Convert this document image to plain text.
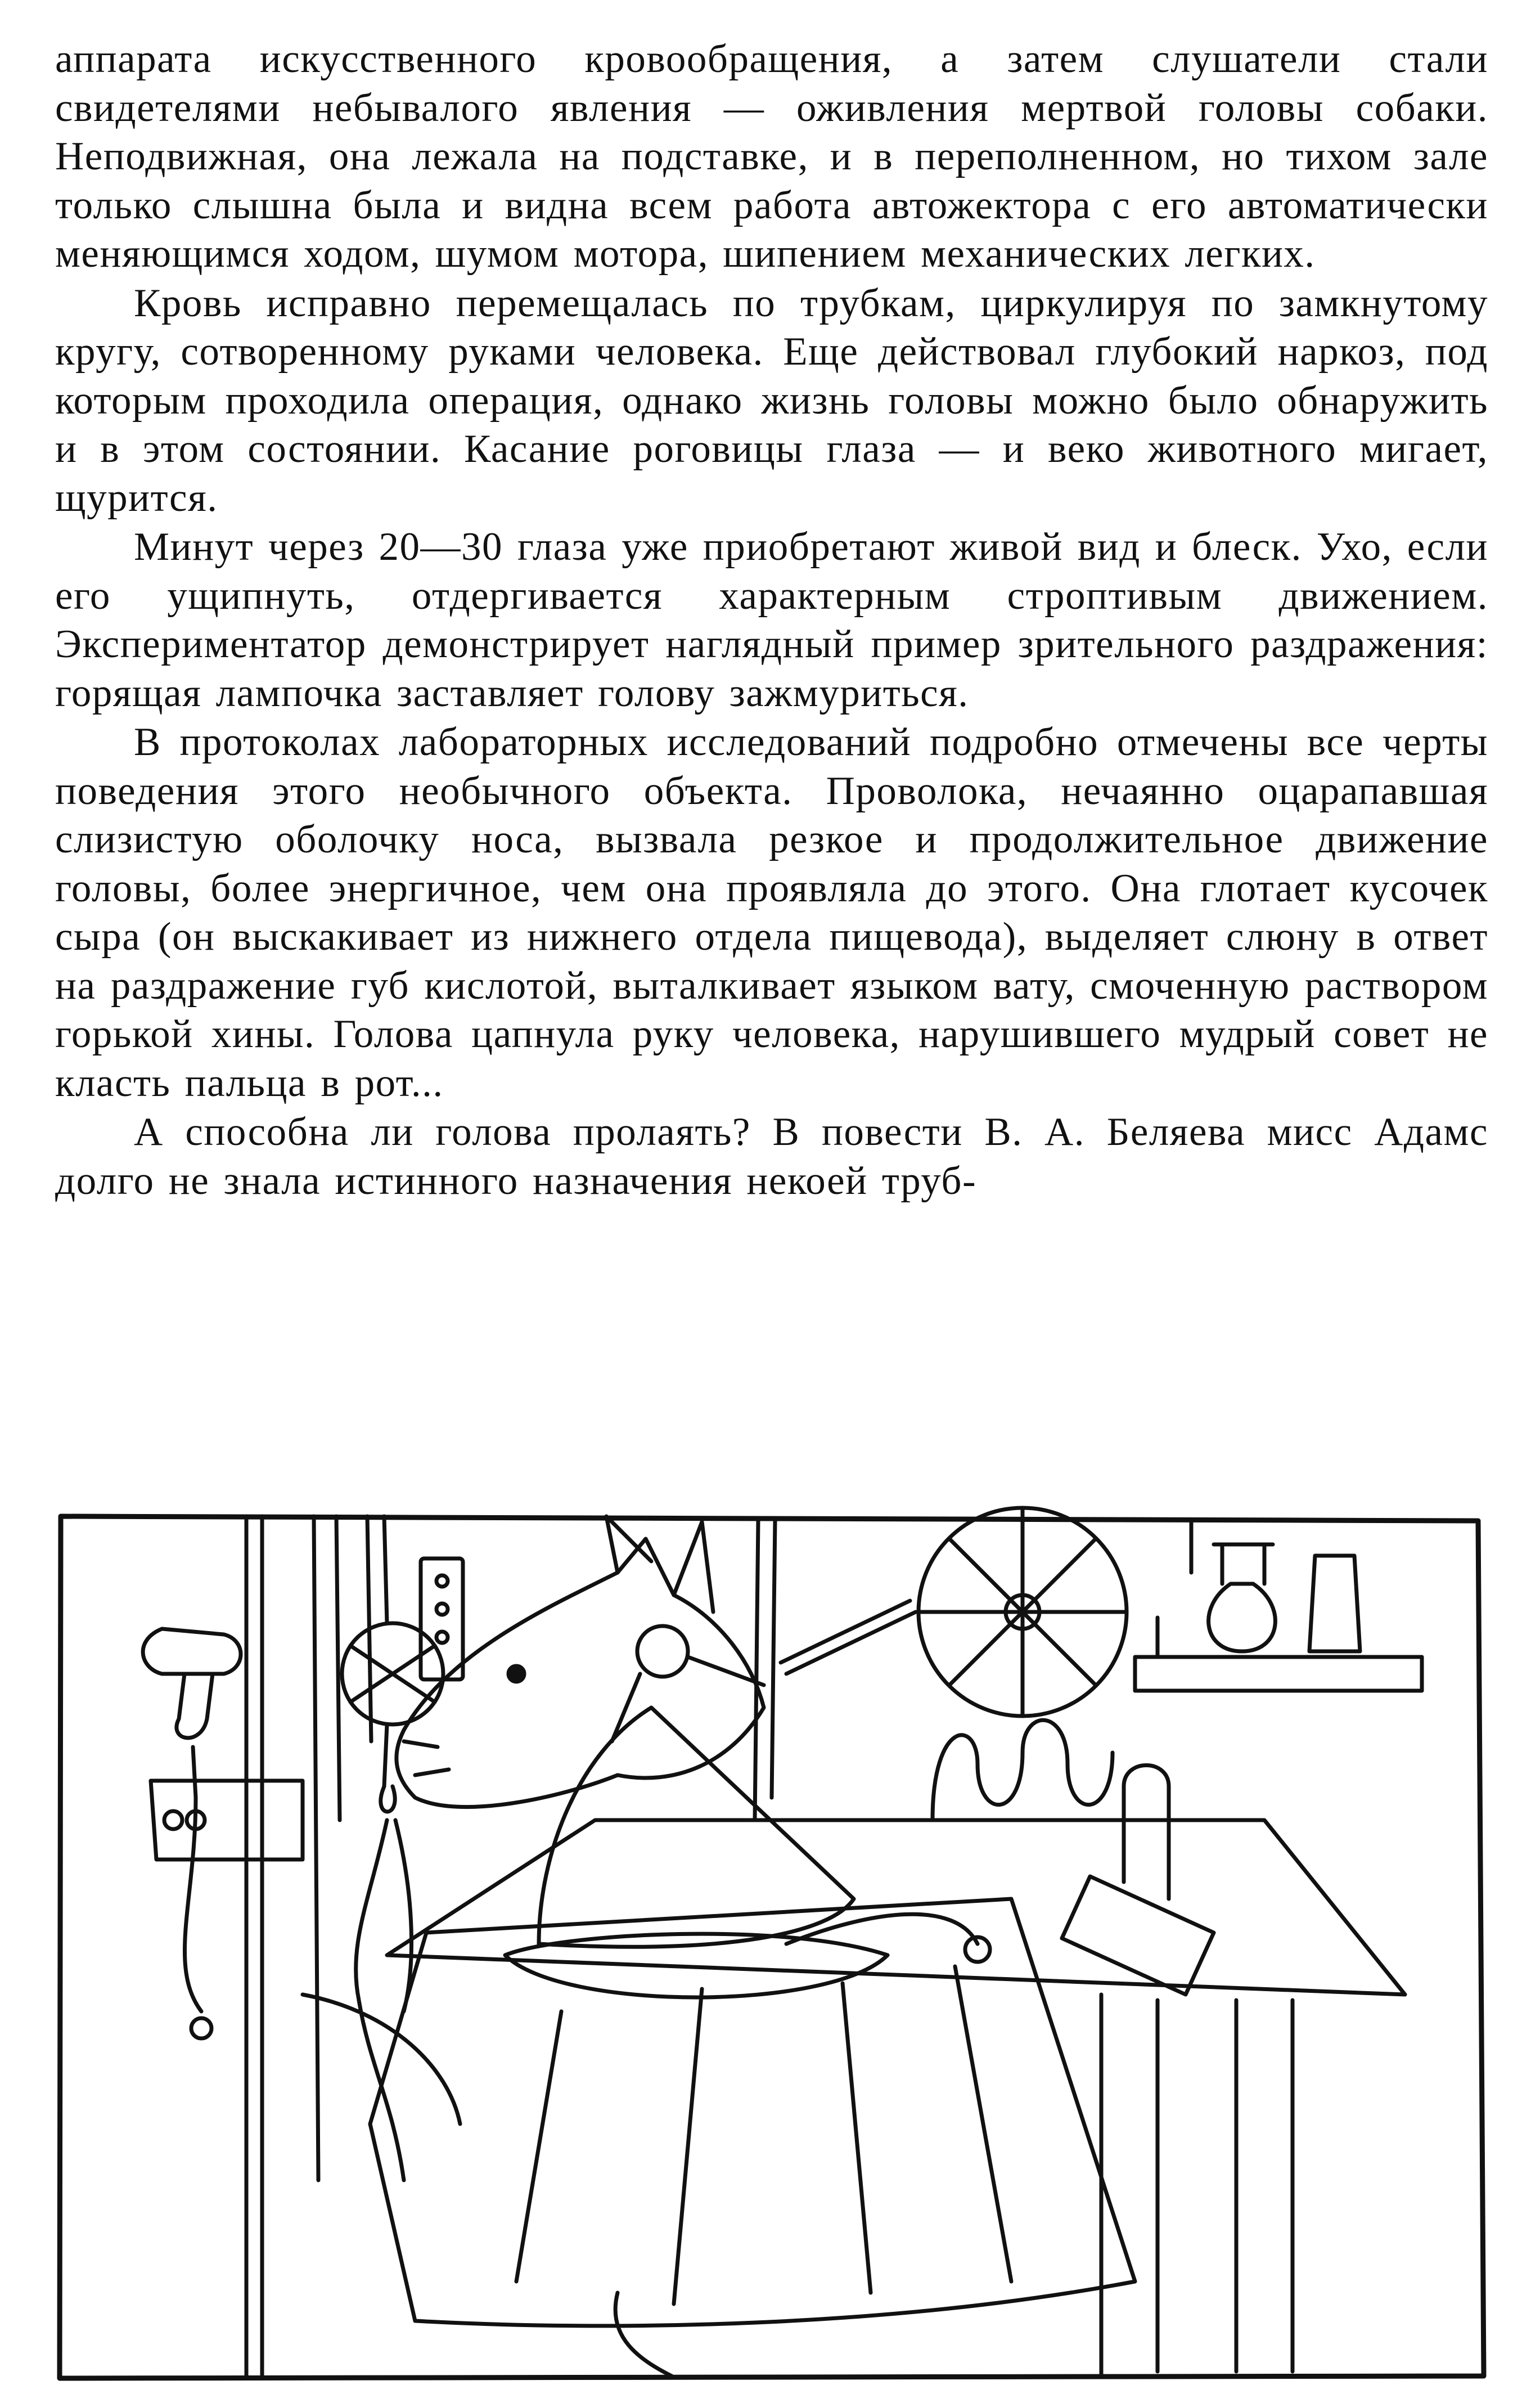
аппарата искусственного кровообращения, а затем слушатели стали свидетелями небывалого явления — оживления мертвой головы собаки. Неподвижная, она лежала на подставке, и в переполненном, но тихом зале только слышна была и видна всем работа автожектора с его автоматически меняющимся ходом, шумом мотора, шипением механических легких.

Кровь исправно перемещалась по трубкам, циркулируя по замкнутому кругу, сотворенному руками человека. Еще действовал глубокий наркоз, под которым проходила операция, однако жизнь головы можно было обнаружить и в этом состоянии. Касание роговицы глаза — и веко животного мигает, щурится.

Минут через 20—30 глаза уже приобретают живой вид и блеск. Ухо, если его ущипнуть, отдергивается характерным строптивым движением. Экспериментатор демонстрирует наглядный пример зрительного раздражения: горящая лампочка заставляет голову зажмуриться.

В протоколах лабораторных исследований подробно отмечены все черты поведения этого необычного объекта. Проволока, нечаянно оцарапавшая слизистую оболочку носа, вызвала резкое и продолжительное движение головы, более энергичное, чем она проявляла до этого. Она глотает кусочек сыра (он выскакивает из нижнего отдела пищевода), выделяет слюну в ответ на раздражение губ кислотой, выталкивает языком вату, смоченную раствором горькой хины. Голова цапнула руку человека, нарушившего мудрый совет не класть пальца в рот...

А способна ли голова пролаять? В повести В. А. Беляева мисс Адамс долго не знала истинного назначения некоей труб-
